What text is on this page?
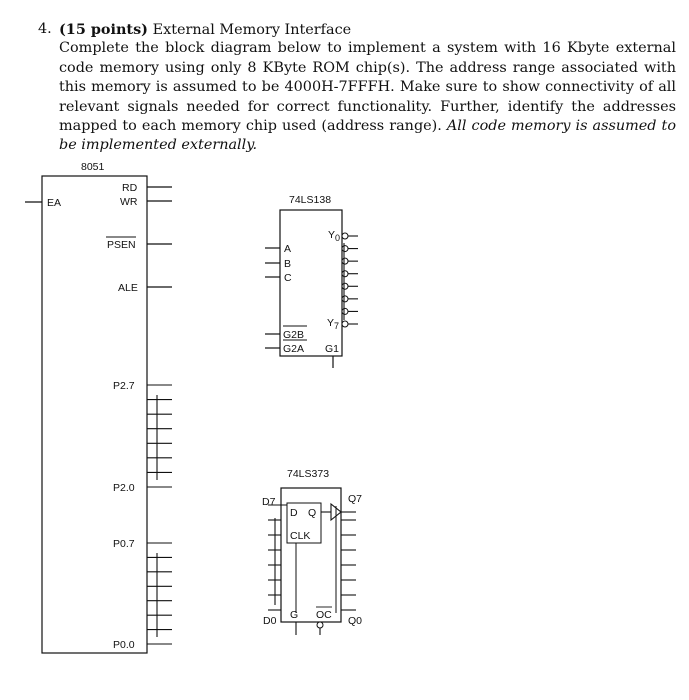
4. (15 points) External Memory Interface
Complete the block diagram below to implement a system with 16 Kbyte external code memory using only 8 KByte ROM chip(s). The address range associated with this memory is assumed to be 4000H-7FFFH. Make sure to show connectivity of all relevant signals needed for correct functionality. Further, identify the addresses mapped to each memory chip used (address range). All code memory is assumed to be implemented externally.
8051
EA
RD
WR
PSEN
ALE
P2.7
P2.0
P0.7
P0.0
74LS138
A
B
C
G2B
G2A G1
Y0
Y7
74LS373
D Q
CLK
Q7
D0
D7
G OC Q0
